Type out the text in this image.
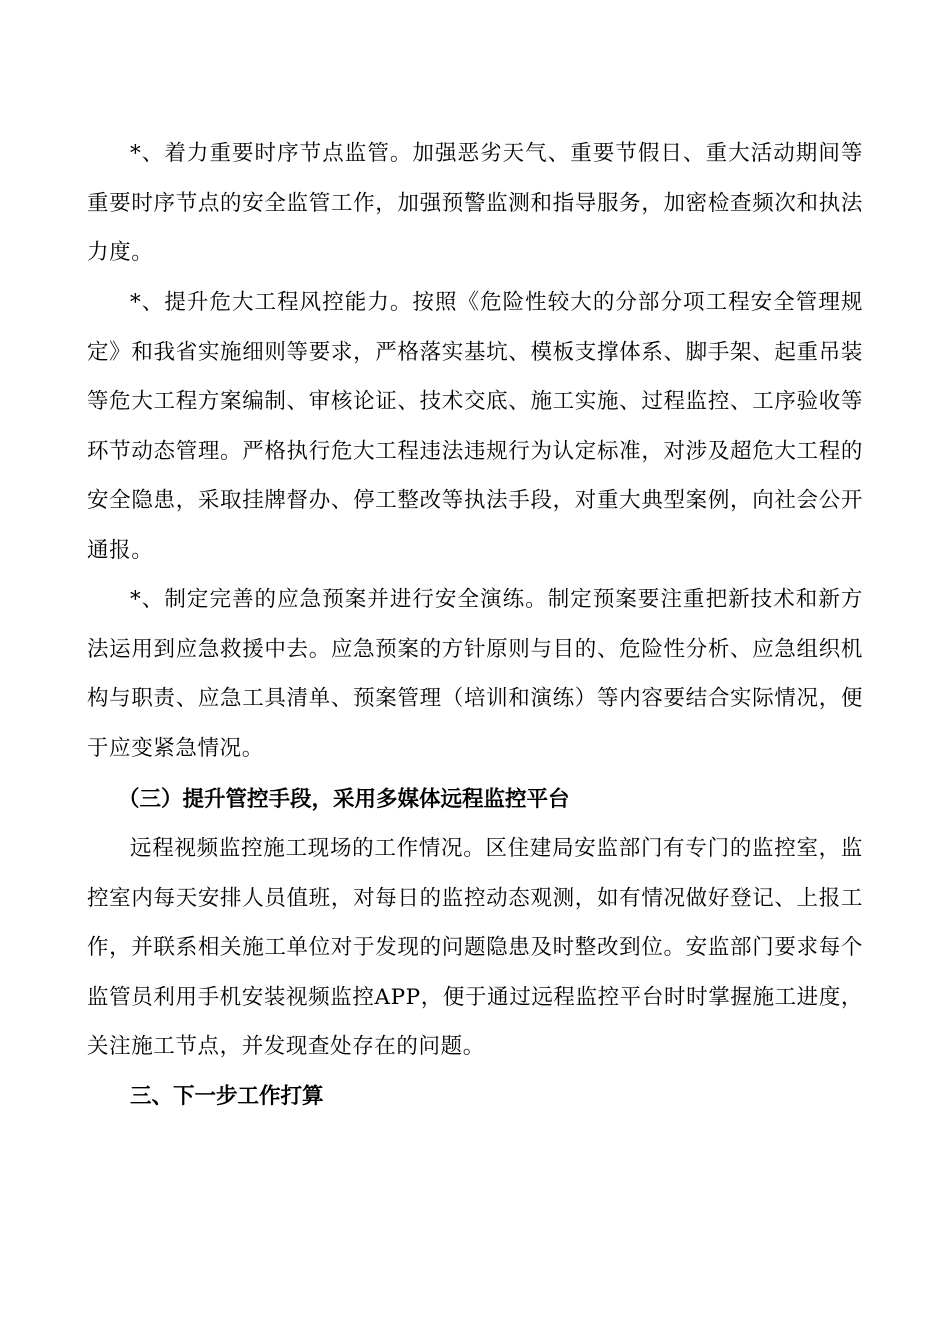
*、着力重要时序节点监管。加强恶劣天气、重要节假日、重大活动期间等重要时序节点的安全监管工作，加强预警监测和指导服务，加密检查频次和执法力度。

*、提升危大工程风控能力。按照《危险性较大的分部分项工程安全管理规定》和我省实施细则等要求，严格落实基坑、模板支撑体系、脚手架、起重吊装等危大工程方案编制、审核论证、技术交底、施工实施、过程监控、工序验收等环节动态管理。严格执行危大工程违法违规行为认定标准，对涉及超危大工程的安全隐患，采取挂牌督办、停工整改等执法手段，对重大典型案例，向社会公开通报。

*、制定完善的应急预案并进行安全演练。制定预案要注重把新技术和新方法运用到应急救援中去。应急预案的方针原则与目的、危险性分析、应急组织机构与职责、应急工具清单、预案管理（培训和演练）等内容要结合实际情况，便于应变紧急情况。

（三）提升管控手段，采用多媒体远程监控平台

远程视频监控施工现场的工作情况。区住建局安监部门有专门的监控室，监控室内每天安排人员值班，对每日的监控动态观测，如有情况做好登记、上报工作，并联系相关施工单位对于发现的问题隐患及时整改到位。安监部门要求每个监管员利用手机安装视频监控APP，便于通过远程监控平台时时掌握施工进度，关注施工节点，并发现查处存在的问题。

三、下一步工作打算
